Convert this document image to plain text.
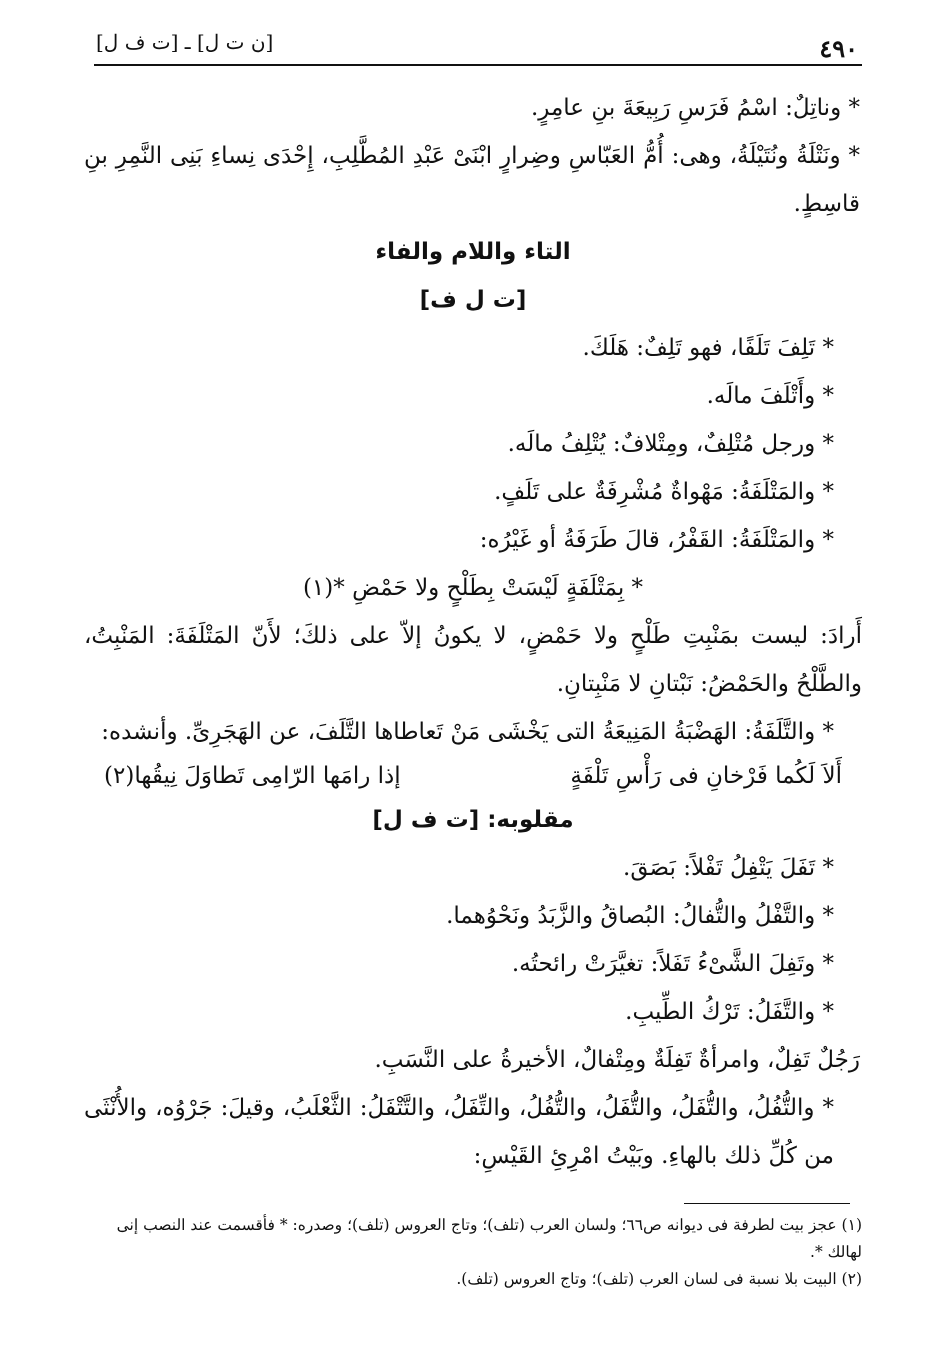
[ن ت ل] ـ [ت ف ل]	٤٩٠

* وناتِلٌ: اسْمُ فَرَسِ رَبِيعَةَ بنِ عامِرٍ.

* ونَتْلَةُ ونُتَيْلَةُ، وهى: أُمُّ العَبّاسِ وضِرارٍ ابْنَىْ عَبْدِ المُطَّلِبِ، إِحْدَى نِساءِ بَنِى النَّمِرِ بنِ قاسِطٍ.

التاء واللام والفاء

[ت ل ف]

* تَلِفَ تَلَفًا، فهو تَلِفٌ: هَلَكَ.

* وأَتْلَفَ مالَه.

* ورجل مُتْلِفٌ، ومِتْلافٌ: يُتْلِفُ مالَه.

* والمَتْلَفَةُ: مَهْواةٌ مُشْرِفَةٌ على تَلَفٍ.

* والمَتْلَفَةُ: القَفْرُ، قالَ طَرَفَةُ أو غَيْرُه:

* بِمَتْلَفَةٍ لَيْسَتْ بِطَلْحٍ ولا حَمْضِ *(١)

أَرادَ: ليست بمَنْبِتِ طَلْحٍ ولا حَمْضٍ، لا يكونُ إلاّ على ذلكَ؛ لأَنّ المَتْلَفَةَ: المَنْبِتُ، والطَّلْحُ والحَمْضُ: نَبْتانِ لا مَنْبِتانِ.

* والتَّلَفَةُ: الهَضْبَةُ المَنِيعَةُ التى يَخْشَى مَنْ تَعاطاها التَّلَفَ، عن الهَجَرِىِّ. وأنشده:

أَلاَ لَكُما فَرْخانِ فى رَأْسِ تَلْفَةٍ
إذا رامَها الرّامِى تَطاوَلَ نِيقُها(٢)

مقلوبه: [ت ف ل]

* تَفَلَ يَتْفِلُ تَفْلاً: بَصَقَ.

* والتَّفْلُ والتُّفالُ: البُصاقُ والزَّبَدُ ونَحْوُهما.

* وتَفِلَ الشَّىْءُ تَفَلاً: تغيَّرَتْ رائحتُه.

* والتَّفَلُ: تَرْكُ الطِّيبِ.

رَجُلٌ تَفِلٌ، وامرأةٌ تَفِلَةٌ ومِتْفالٌ، الأخيرةُ على النَّسَبِ.

* والتُّفُلُ، والتُّفَلُ، والتُّفَلُ، والتُّفُلُ، والتِّفَلُ، والتَّتْفَلُ: الثَّعْلَبُ، وقيلَ: جَرْوُه، والأُنْثَى من كُلِّ ذلك بالهاءِ. وبَيْتُ امْرِئِ القَيْسِ:

(١) عجز بيت لطرفة فى ديوانه ص٦٦؛ ولسان العرب (تلف)؛ وتاج العروس (تلف)؛ وصدره: * فأقسمت عند النصب إنى لهالك *.

(٢) البيت بلا نسبة فى لسان العرب (تلف)؛ وتاج العروس (تلف).
